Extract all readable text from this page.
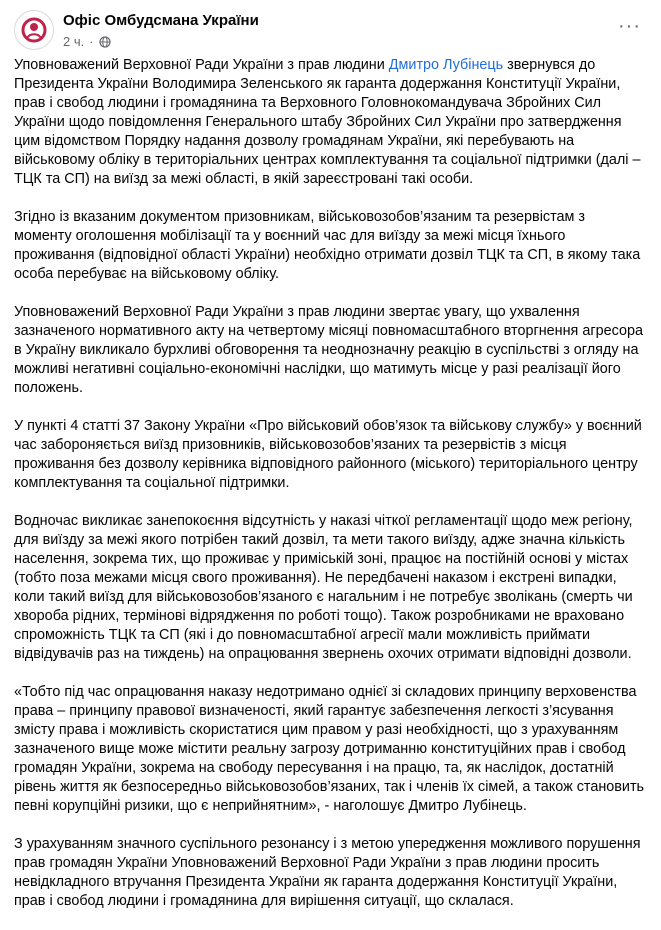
Офіс Омбудсмана України
2 ч. ·
···

Уповноважений Верховної Ради України з прав людини Дмитро Лубінець звернувся до Президента України Володимира Зеленського як гаранта додержання Конституції України, прав і свобод людини і громадянина та Верховного Головнокомандувача Збройних Сил України щодо повідомлення Генерального штабу Збройних Сил України про затвердження цим відомством Порядку надання дозволу громадянам України, які перебувають на військовому обліку в територіальних центрах комплектування та соціальної підтримки (далі – ТЦК та СП) на виїзд за межі області, в якій зареєстровані такі особи.

Згідно із вказаним документом призовникам, військовозобов’язаним та резервістам з моменту оголошення мобілізації та у воєнний час для виїзду за межі місця їхнього проживання (відповідної області України) необхідно отримати дозвіл ТЦК та СП, в якому така особа перебуває на військовому обліку.

Уповноважений Верховної Ради України з прав людини звертає увагу, що ухвалення зазначеного нормативного акту на четвертому місяці повномасштабного вторгнення агресора в Україну викликало бурхливі обговорення та неоднозначну реакцію в суспільстві з огляду на можливі негативні соціально-економічні наслідки, що матимуть місце у разі реалізації його положень.

У пункті 4 статті 37 Закону України «Про військовий обов’язок та військову службу» у воєнний час забороняється виїзд призовників, військовозобов’язаних та резервістів з місця проживання без дозволу керівника відповідного районного (міського) територіального центру комплектування та соціальної підтримки.

Водночас викликає занепокоєння відсутність у наказі чіткої регламентації щодо меж регіону, для виїзду за межі якого потрібен такий дозвіл, та мети такого виїзду, адже значна кількість населення, зокрема тих, що проживає у приміській зоні, працює на постійній основі у містах (тобто поза межами місця свого проживання). Не передбачені наказом і екстрені випадки, коли такий виїзд для військовозобов’язаного є нагальним і не потребує зволікань (смерть чи хвороба рідних, термінові відрядження по роботі тощо). Також розробниками не враховано спроможність ТЦК та СП (які і до повномасштабної агресії мали можливість приймати відвідувачів раз на тиждень) на опрацювання звернень охочих отримати відповідні дозволи.

«Тобто під час опрацювання наказу недотримано однієї зі складових принципу верховенства права – принципу правової визначеності, який гарантує забезпечення легкості з’ясування змісту права і можливість скористатися цим правом у разі необхідності, що з урахуванням зазначеного вище може містити реальну загрозу дотриманню конституційних прав і свобод громадян України, зокрема на свободу пересування і на працю, та, як наслідок, достатній рівень життя як безпосередньо військовозобов’язаних, так і членів їх сімей, а також становить певні корупційні ризики, що є неприйнятним», - наголошує Дмитро Лубінець.

З урахуванням значного суспільного резонансу і з метою упередження можливого порушення прав громадян України Уповноважений Верховної Ради України з прав людини просить невідкладного втручання Президента України як гаранта додержання Конституції України, прав і свобод людини і громадянина для вирішення ситуації, що склалася.
